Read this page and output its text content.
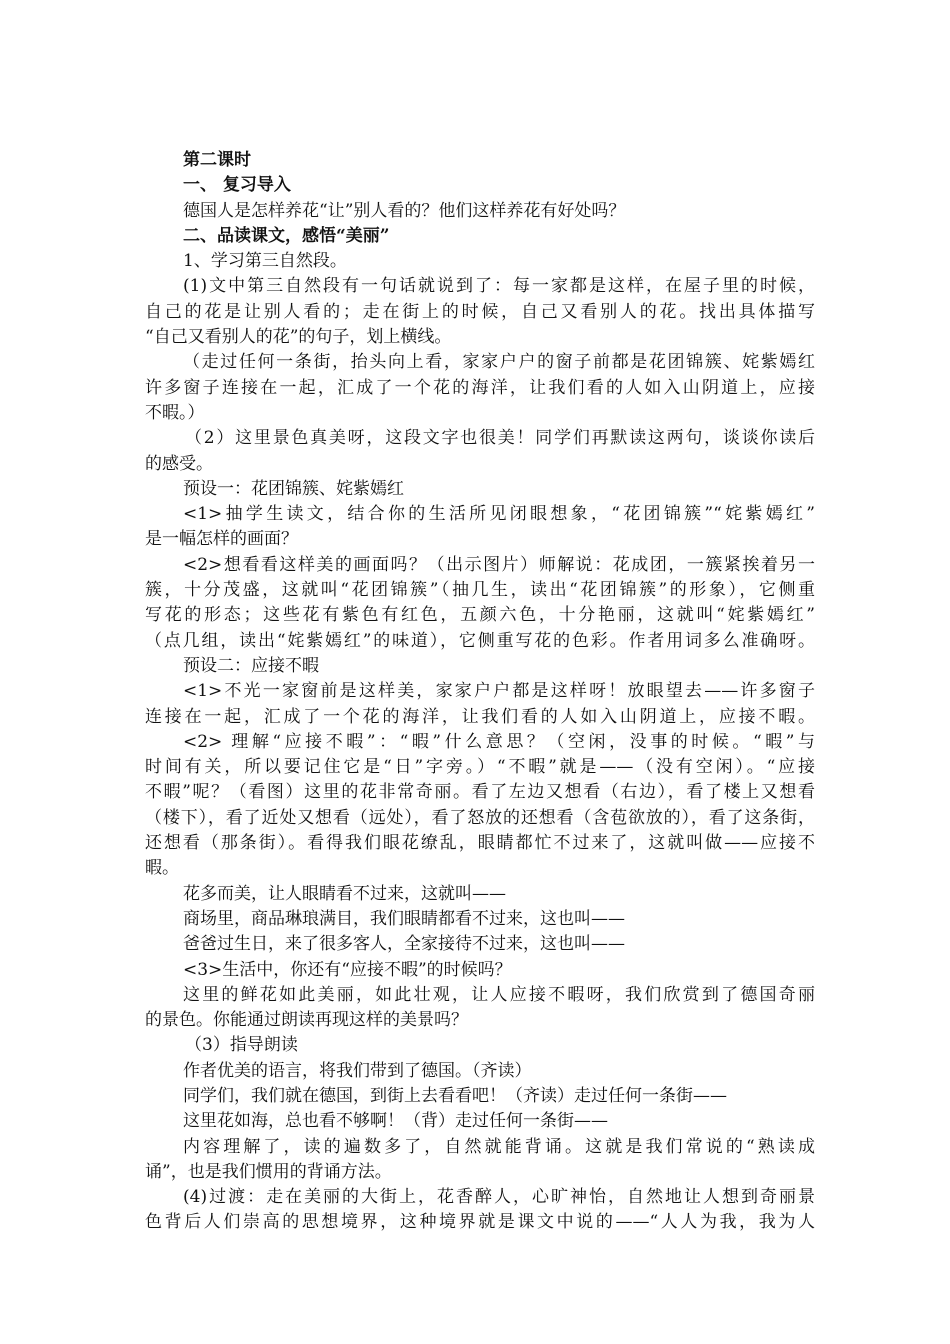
第二课时
一、 复习导入
德国人是怎样养花“让”别人看的？他们这样养花有好处吗？
二、品读课文，感悟“美丽”
1、学习第三自然段。
(1)文中第三自然段有一句话就说到了：每一家都是这样，在屋子里的时候，
自己的花是让别人看的；走在街上的时候，自己又看别人的花。找出具体描写
“自己又看别人的花”的句子，划上横线。
（走过任何一条街，抬头向上看，家家户户的窗子前都是花团锦簇、姹紫嫣红
许多窗子连接在一起，汇成了一个花的海洋，让我们看的人如入山阴道上，应接
不暇。）
（2）这里景色真美呀，这段文字也很美！同学们再默读这两句，谈谈你读后
的感受。
预设一：花团锦簇、姹紫嫣红
<1>抽学生读文，结合你的生活所见闭眼想象，“花团锦簇”“姹紫嫣红”
是一幅怎样的画面？
<2>想看看这样美的画面吗？（出示图片）师解说：花成团，一簇紧挨着另一
簇，十分茂盛，这就叫“花团锦簇”（抽几生，读出“花团锦簇”的形象），它侧重
写花的形态；这些花有紫色有红色，五颜六色，十分艳丽，这就叫“姹紫嫣红”
（点几组，读出“姹紫嫣红”的味道），它侧重写花的色彩。作者用词多么准确呀。
预设二：应接不暇
<1>不光一家窗前是这样美，家家户户都是这样呀！放眼望去——许多窗子
连接在一起，汇成了一个花的海洋，让我们看的人如入山阴道上，应接不暇。
<2> 理解“应接不暇”：“暇”什么意思？（空闲，没事的时候。“暇”与
时间有关，所以要记住它是“日”字旁。）“不暇”就是——（没有空闲）。“应接
不暇”呢？（看图）这里的花非常奇丽。看了左边又想看（右边），看了楼上又想看
（楼下），看了近处又想看（远处），看了怒放的还想看（含苞欲放的），看了这条街，
还想看（那条街）。看得我们眼花缭乱，眼睛都忙不过来了，这就叫做——应接不
暇。
花多而美，让人眼睛看不过来，这就叫——
商场里，商品琳琅满目，我们眼睛都看不过来，这也叫——
爸爸过生日，来了很多客人，全家接待不过来，这也叫——
<3>生活中，你还有“应接不暇”的时候吗？
这里的鲜花如此美丽，如此壮观，让人应接不暇呀，我们欣赏到了德国奇丽
的景色。你能通过朗读再现这样的美景吗？
（3）指导朗读
作者优美的语言，将我们带到了德国。（齐读）
同学们，我们就在德国，到街上去看看吧！（齐读）走过任何一条街——
这里花如海，总也看不够啊！（背）走过任何一条街——
内容理解了，读的遍数多了，自然就能背诵。这就是我们常说的“熟读成
诵”，也是我们惯用的背诵方法。
(4)过渡：走在美丽的大街上，花香醉人，心旷神怡，自然地让人想到奇丽景
色背后人们崇高的思想境界，这种境界就是课文中说的——“人人为我，我为人
